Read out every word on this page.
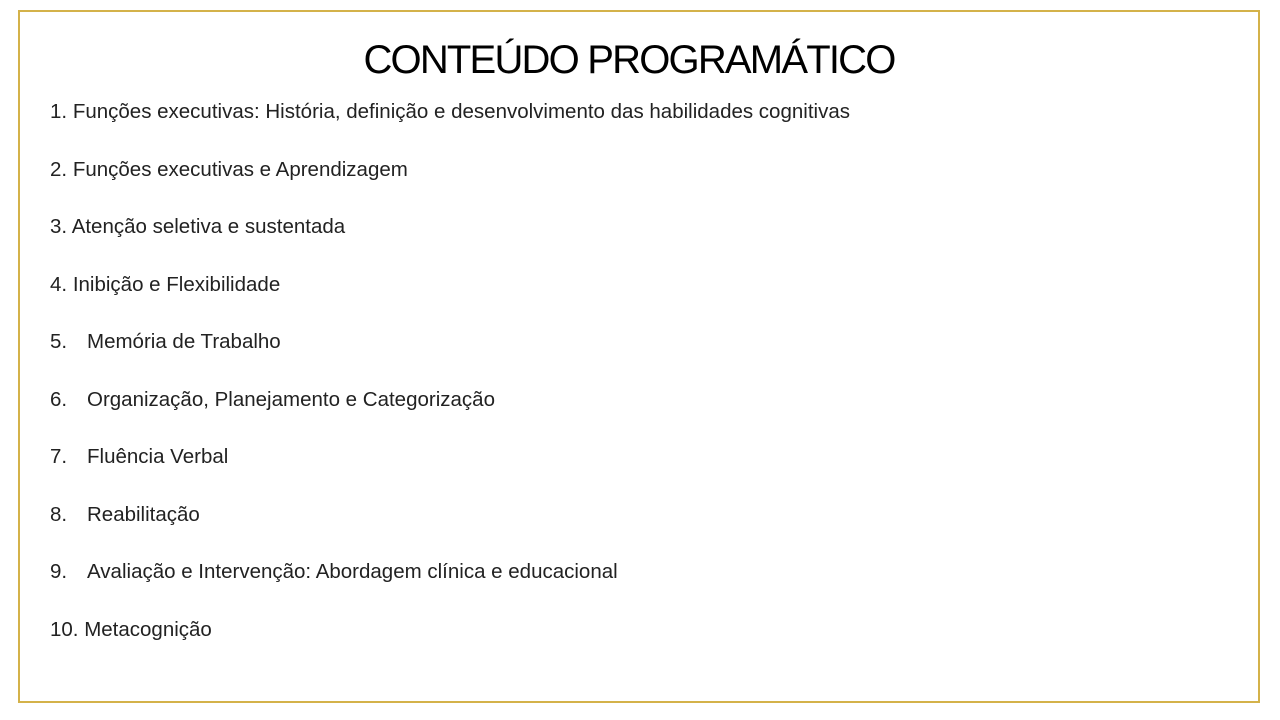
CONTEÚDO PROGRAMÁTICO
1. Funções executivas: História, definição e desenvolvimento das habilidades cognitivas
2. Funções executivas e Aprendizagem
3. Atenção seletiva e sustentada
4. Inibição e Flexibilidade
5. Memória de Trabalho
6. Organização, Planejamento e Categorização
7. Fluência Verbal
8. Reabilitação
9. Avaliação e Intervenção: Abordagem clínica e educacional
10. Metacognição
